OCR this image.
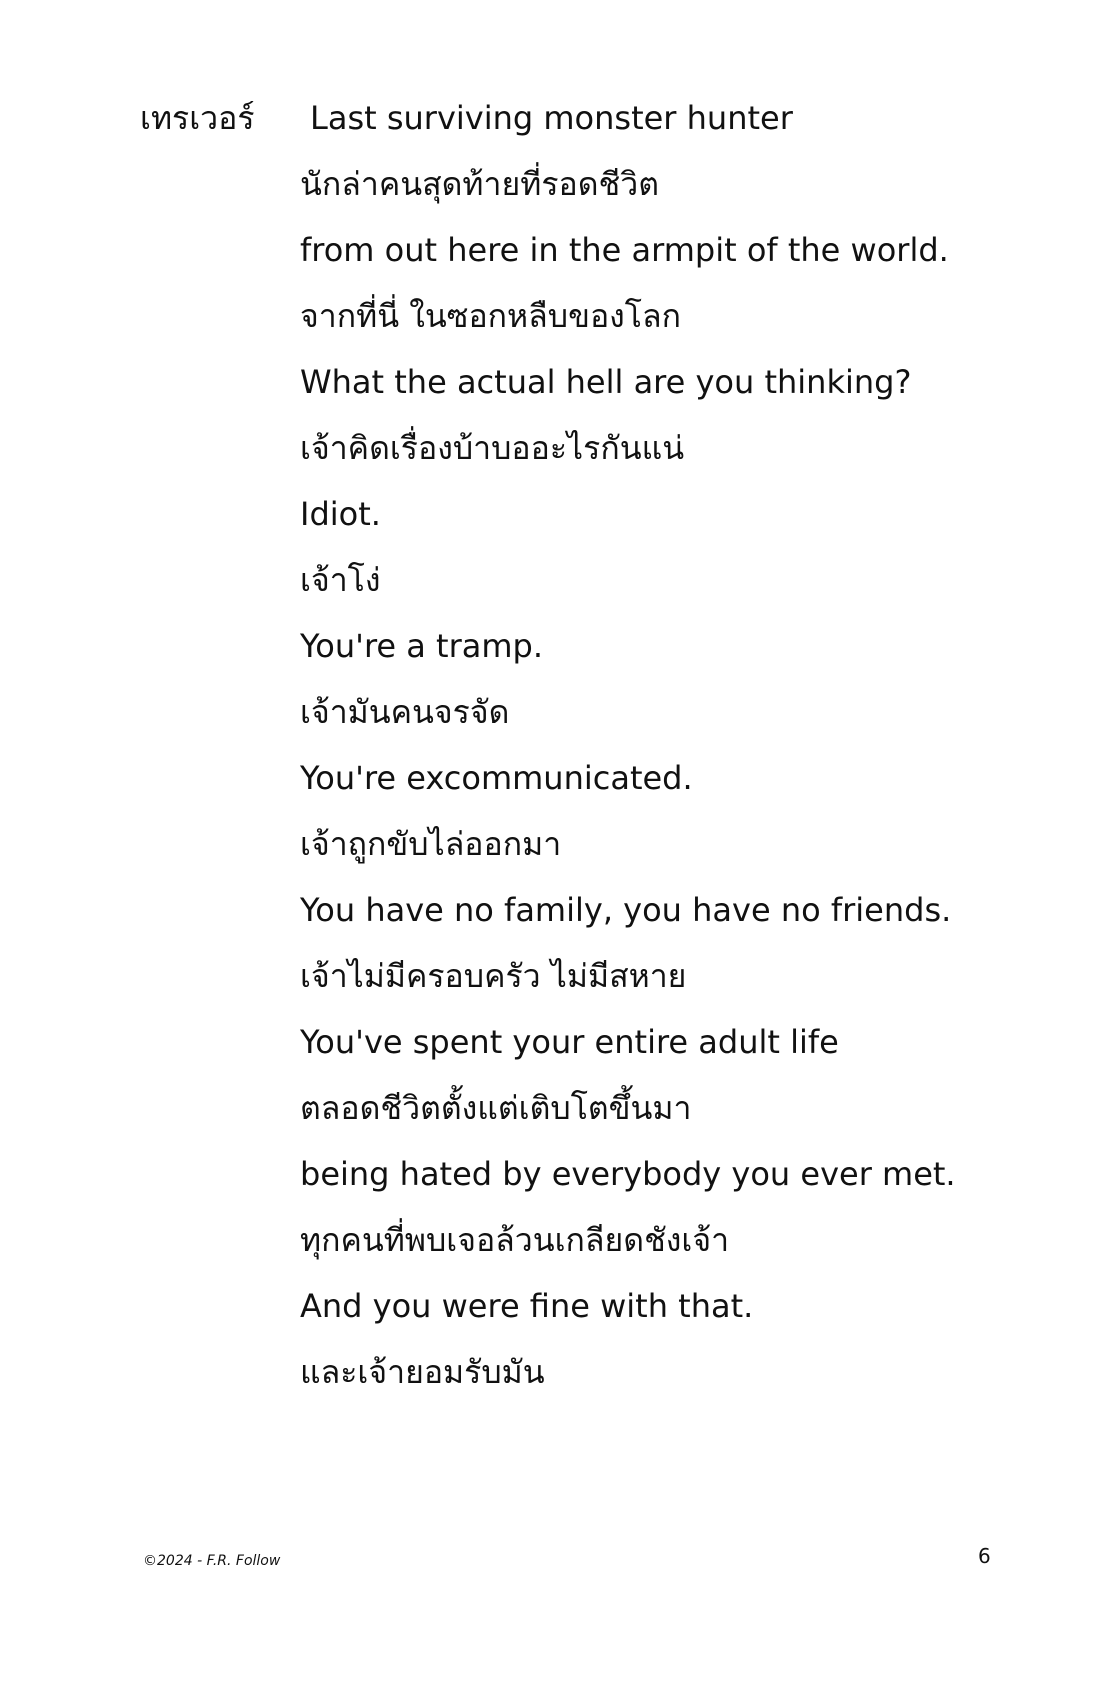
เทรเวอร์	Last surviving monster hunter
นักล่าคนสุดท้ายที่รอดชีวิต
from out here in the armpit of the world.
จากที่นี่ ในซอกหลืบของโลก
What the actual hell are you thinking?
เจ้าคิดเรื่องบ้าบออะไรกันแน่
Idiot.
เจ้าโง่
You're a tramp.
เจ้ามันคนจรจัด
You're excommunicated.
เจ้าถูกขับไล่ออกมา
You have no family, you have no friends.
เจ้าไม่มีครอบครัว ไม่มีสหาย
You've spent your entire adult life
ตลอดชีวิตตั้งแต่เติบโตขึ้นมา
being hated by everybody you ever met.
ทุกคนที่พบเจอล้วนเกลียดชังเจ้า
And you were fine with that.
และเจ้ายอมรับมัน
©2024 - F.R. Follow	6
